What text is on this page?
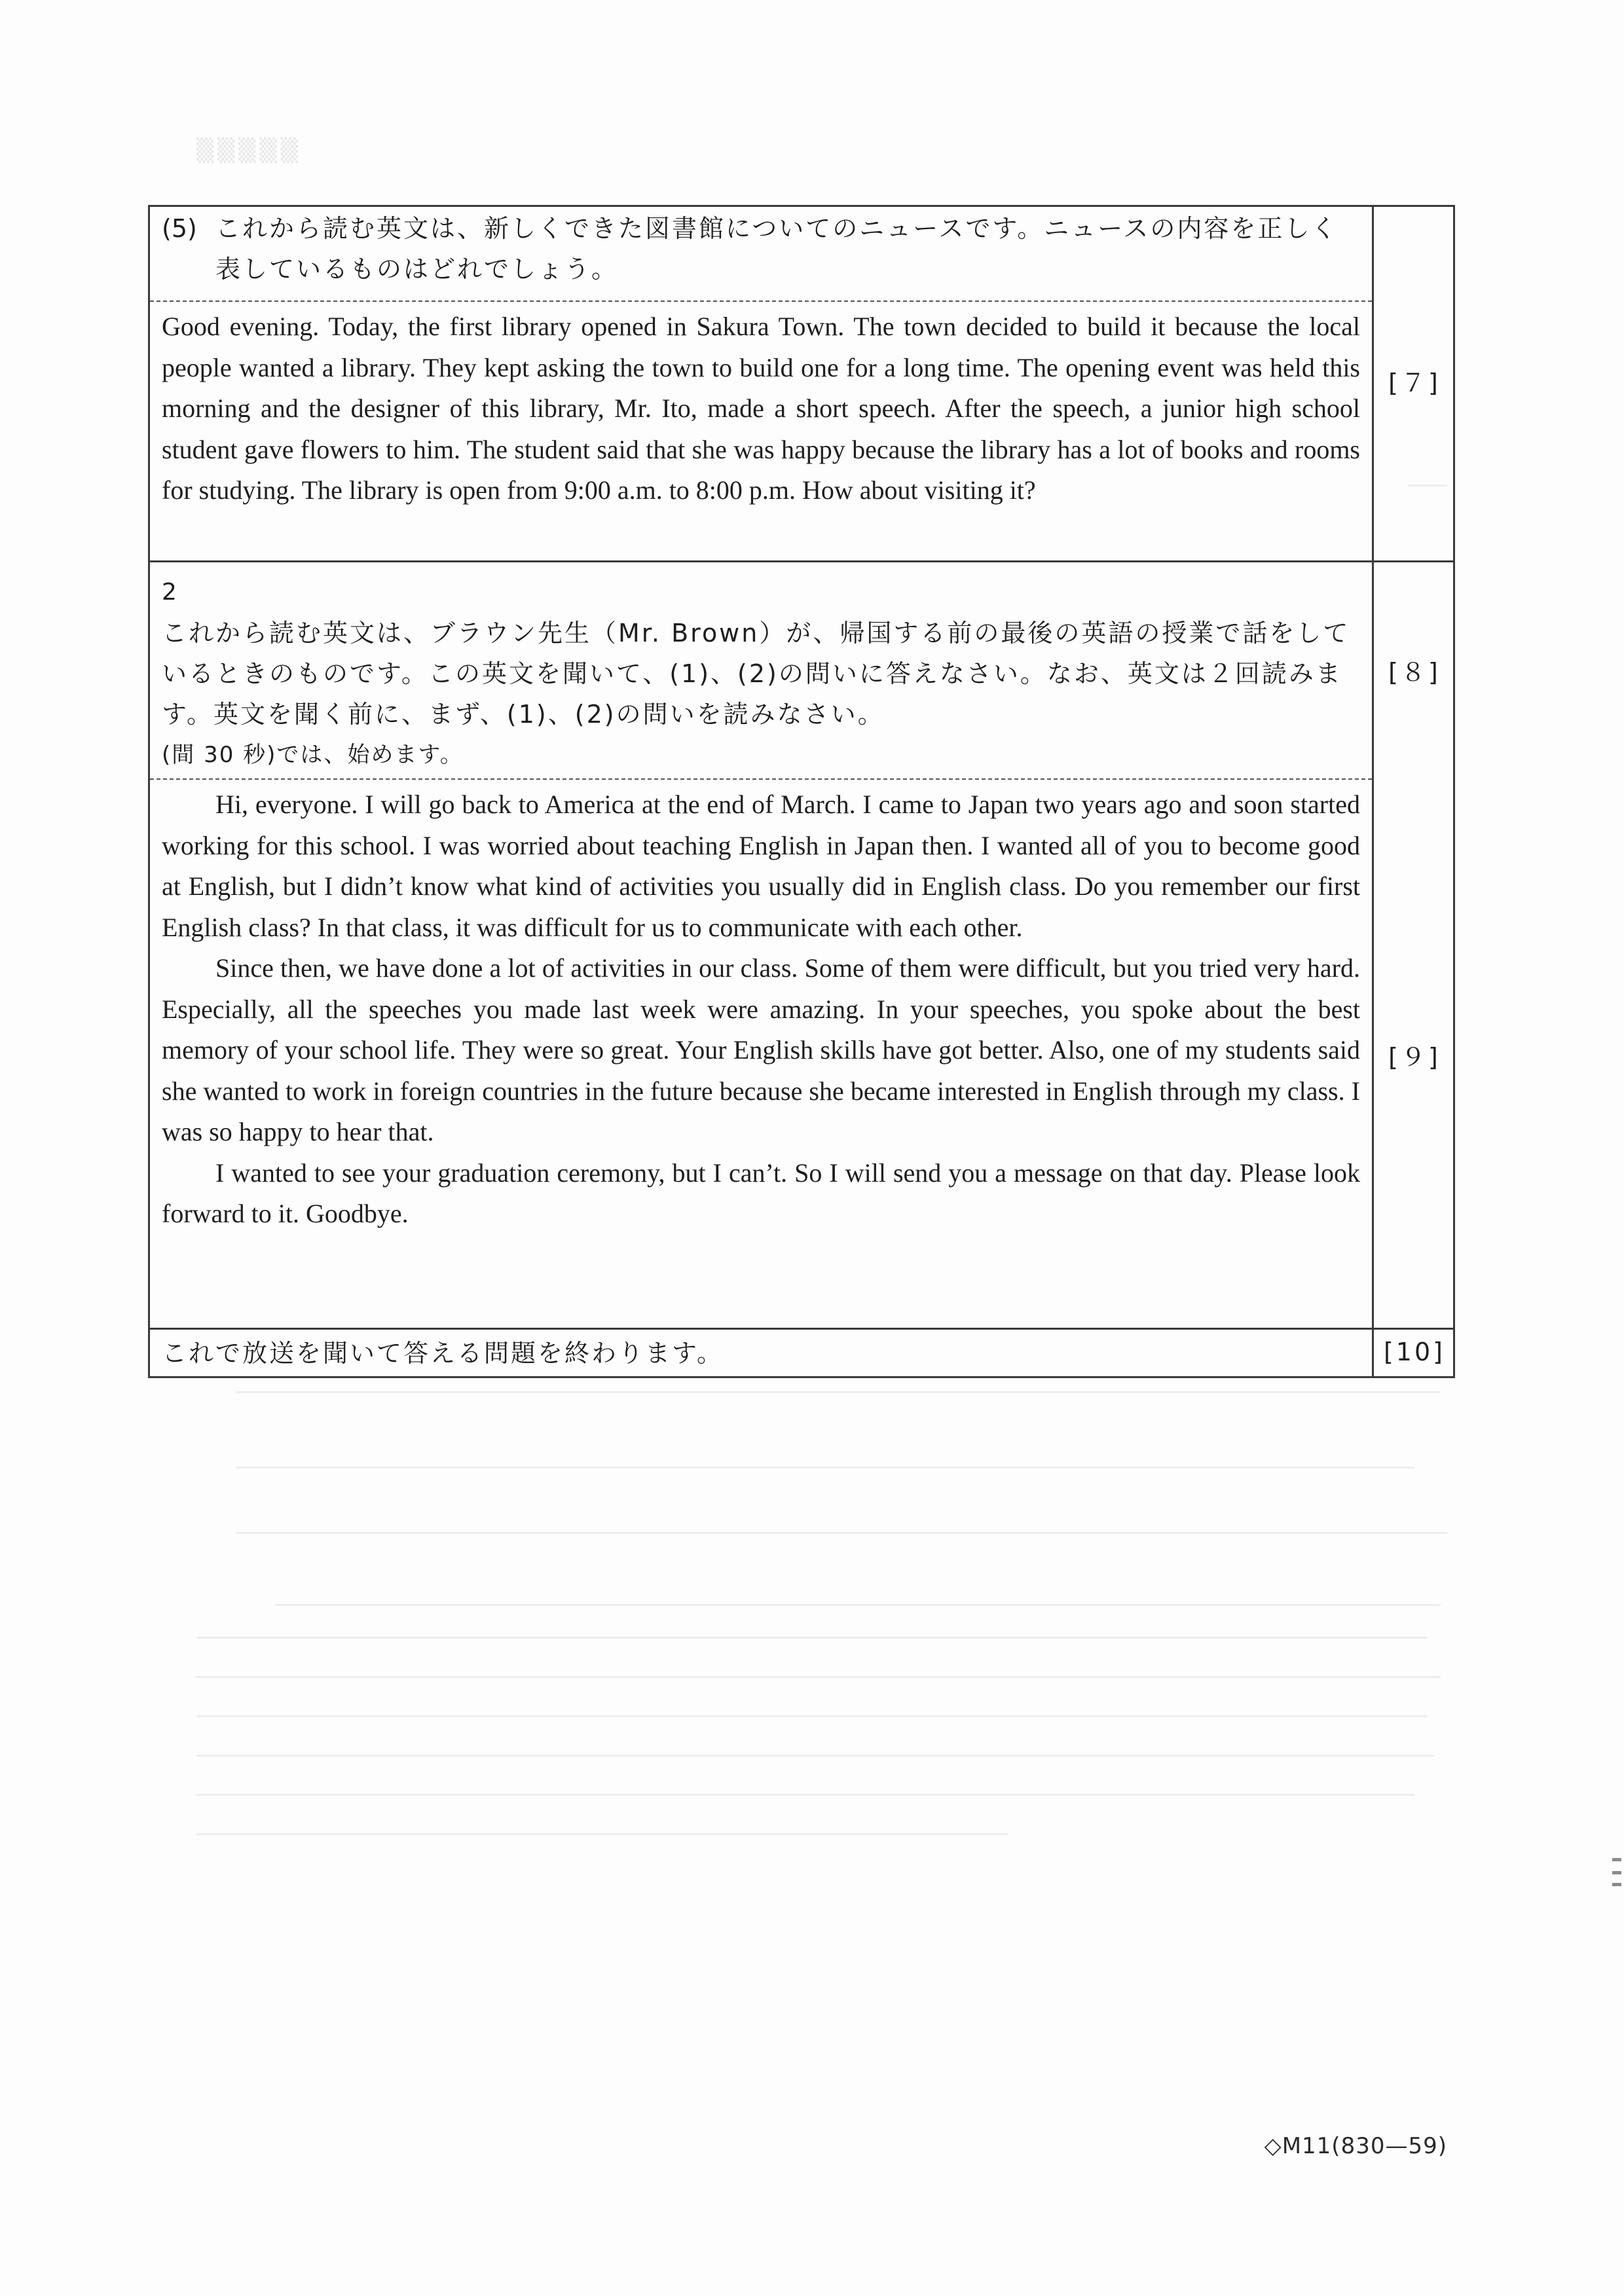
▒▒▒▒▒
(5) これから読む英文は、新しくできた図書館についてのニュースです。ニュースの内容を正しく表しているものはどれでしょう。

Good evening. Today, the first library opened in Sakura Town. The town decided to build it because the local people wanted a library. They kept asking the town to build one for a long time. The opening event was held this morning and the designer of this library, Mr. Ito, made a short speech. After the speech, a junior high school student gave flowers to him. The student said that she was happy because the library has a lot of books and rooms for studying. The library is open from 9:00 a.m. to 8:00 p.m. How about visiting it?

2

これから読む英文は、ブラウン先生（Mr. Brown）が、帰国する前の最後の英語の授業で話をしているときのものです。この英文を聞いて、(1)、(2)の問いに答えなさい。なお、英文は２回読みます。英文を聞く前に、まず、(1)、(2)の問いを読みなさい。

(間 30 秒)では、始めます。

Hi, everyone. I will go back to America at the end of March. I came to Japan two years ago and soon started working for this school. I was worried about teaching English in Japan then. I wanted all of you to become good at English, but I didn’t know what kind of activities you usually did in English class. Do you remember our first English class? In that class, it was difficult for us to communicate with each other.

Since then, we have done a lot of activities in our class. Some of them were difficult, but you tried very hard. Especially, all the speeches you made last week were amazing. In your speeches, you spoke about the best memory of your school life. They were so great. Your English skills have got better. Also, one of my students said she wanted to work in foreign countries in the future because she became interested in English through my class. I was so happy to hear that.

I wanted to see your graduation ceremony, but I can’t. So I will send you a message on that day. Please look forward to it. Goodbye.

これで放送を聞いて答える問題を終わります。

[７]
[８]
[９]
[10]
◇M11(830—59)
